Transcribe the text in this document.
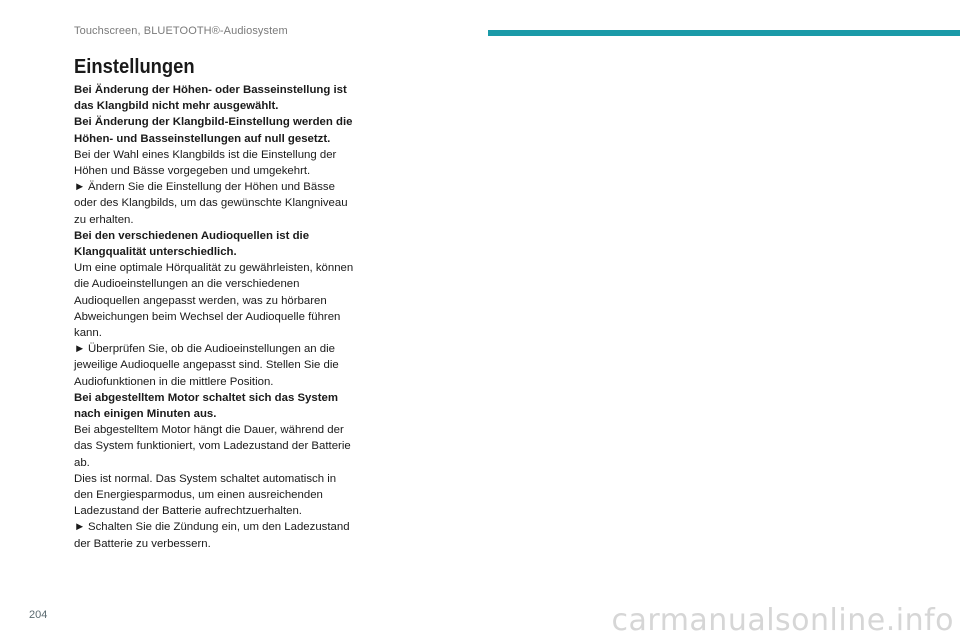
Touchscreen, BLUETOOTH®-Audiosystem
Einstellungen

Bei Änderung der Höhen- oder Basseinstellung ist das Klangbild nicht mehr ausgewählt.

Bei Änderung der Klangbild-Einstellung werden die Höhen- und Basseinstellungen auf null gesetzt.

Bei der Wahl eines Klangbilds ist die Einstellung der Höhen und Bässe vorgegeben und umgekehrt.

► Ändern Sie die Einstellung der Höhen und Bässe oder des Klangbilds, um das gewünschte Klangniveau zu erhalten.

Bei den verschiedenen Audioquellen ist die Klangqualität unterschiedlich.

Um eine optimale Hörqualität zu gewährleisten, können die Audioeinstellungen an die verschiedenen Audioquellen angepasst werden, was zu hörbaren Abweichungen beim Wechsel der Audioquelle führen kann.

► Überprüfen Sie, ob die Audioeinstellungen an die jeweilige Audioquelle angepasst sind. Stellen Sie die Audiofunktionen in die mittlere Position.

Bei abgestelltem Motor schaltet sich das System nach einigen Minuten aus.

Bei abgestelltem Motor hängt die Dauer, während der das System funktioniert, vom Ladezustand der Batterie ab.

Dies ist normal. Das System schaltet automatisch in den Energiesparmodus, um einen ausreichenden Ladezustand der Batterie aufrechtzuerhalten.

► Schalten Sie die Zündung ein, um den Ladezustand der Batterie zu verbessern.

204	carmanualsonline.info
